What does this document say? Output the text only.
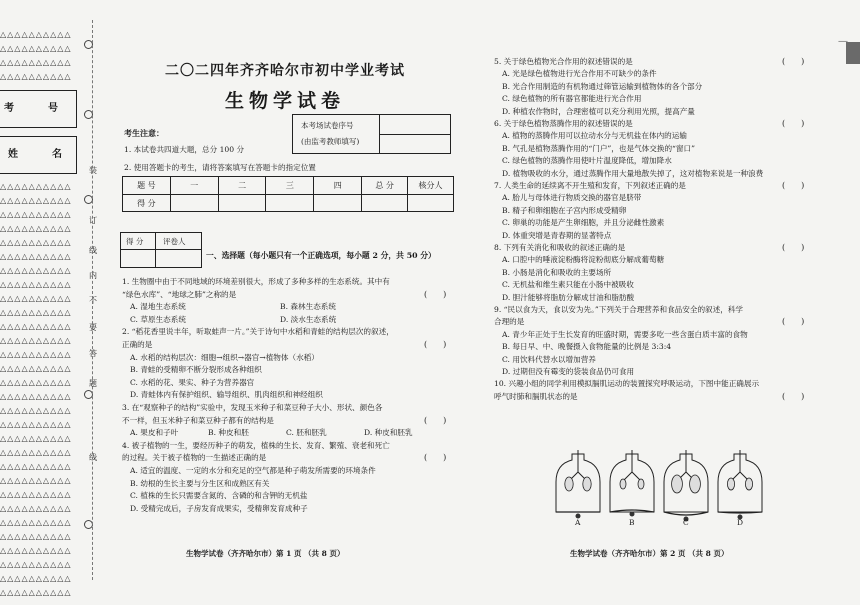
△△△△△△△△△△
△△△△△△△△△△
△△△△△△△△△△
△△△△△△△△△△
△△△△△△△△△△
△△△△△△△△△△
△△△△△△△△△△
△△△△△△△△△△
△△△△△△△△△△
△△△△△△△△△△
△△△△△△△△△△
△△△△△△△△△△
△△△△△△△△△△
△△△△△△△△△△
△△△△△△△△△△
△△△△△△△△△△
△△△△△△△△△△
△△△△△△△△△△
△△△△△△△△△△
△△△△△△△△△△
△△△△△△△△△△
△△△△△△△△△△
△△△△△△△△△△
△△△△△△△△△△
△△△△△△△△△△
△△△△△△△△△△
△△△△△△△△△△
△△△△△△△△△△
△△△△△△△△△△
△△△△△△△△△△
△△△△△△△△△△
△△△△△△△△△△
△△△△△△△△△△
△△△△△△△△△△
装
订
线
内
不
要
答
题
线
考	号
姓	名
—
二〇二四年齐齐哈尔市初中学业考试
生物学试卷
本考场试卷序号
(由监考教师填写)
考生注意：
1. 本试卷共四道大题，总分 100 分
2. 使用答题卡的考生，请将答案填写在答题卡的指定位置
题 号	一	二	三	四	总 分	核分人
得 分						
得 分	评卷人
一、选择题（每小题只有一个正确选项，每小题 2 分，共 50 分）
1. 生物圈中由于不同地域的环境差别很大，形成了多种多样的生态系统。其中有
“绿色水库”、“地球之肺”之称的是	(　　)
A. 湿地生态系统	B. 森林生态系统
C. 草原生态系统	D. 淡水生态系统
2. “稻花香里说丰年，听取蛙声一片。”关于诗句中水稻和青蛙的结构层次的叙述，
正确的是	(　　)
A. 水稻的结构层次：细胞→组织→器官→植物体（水稻）
B. 青蛙的受精卵不断分裂形成各种组织
C. 水稻的花、果实、种子为营养器官
D. 青蛙体内有保护组织、输导组织、肌肉组织和神经组织
3. 在“观察种子的结构”实验中，发现玉米种子和菜豆种子大小、形状、颜色各
不一样，但玉米种子和菜豆种子都有的结构是	(　　)
A. 果皮和子叶	B. 种皮和胚	C. 胚和胚乳	D. 种皮和胚乳
4. 被子植物的一生，要经历种子的萌发，植株的生长、发育、繁殖、衰老和死亡
的过程。关于被子植物的一生描述正确的是	(　　)
A. 适宜的温度、一定的水分和充足的空气都是种子萌发所需要的环境条件
B. 幼根的生长主要与分生区和成熟区有关
C. 植株的生长只需要含氮的、含磷的和含钾的无机盐
D. 受精完成后，子房发育成果实，受精卵发育成种子
5. 关于绿色植物光合作用的叙述错误的是	(　　)
A. 光是绿色植物进行光合作用不可缺少的条件
B. 光合作用制造的有机物通过筛管运输到植物体的各个部分
C. 绿色植物的所有器官都能进行光合作用
D. 种植农作物时，合理密植可以充分利用光照，提高产量
6. 关于绿色植物蒸腾作用的叙述错误的是	(　　)
A. 植物的蒸腾作用可以拉动水分与无机盐在体内的运输
B. 气孔是植物蒸腾作用的“门户”，也是气体交换的“窗口”
C. 绿色植物的蒸腾作用使叶片温度降低，增加降水
D. 植物吸收的水分，通过蒸腾作用大量地散失掉了，这对植物来说是一种浪费
7. 人类生命的延续离不开生殖和发育，下列叙述正确的是	(　　)
A. 胎儿与母体进行物质交换的器官是脐带
B. 精子和卵细胞在子宫内形成受精卵
C. 卵巢的功能是产生卵细胞，并且分泌雌性激素
D. 体重突增是青春期的显著特点
8. 下列有关消化和吸收的叙述正确的是	(　　)
A. 口腔中的唾液淀粉酶将淀粉彻底分解成葡萄糖
B. 小肠是消化和吸收的主要场所
C. 无机盐和维生素只能在小肠中被吸收
D. 胆汁能够将脂肪分解成甘油和脂肪酸
9. “民以食为天，食以安为先。”下列关于合理营养和食品安全的叙述，科学
合理的是	(　　)
A. 青少年正处于生长发育的旺盛时期，需要多吃一些含蛋白质丰富的食物
B. 每日早、中、晚餐摄入食物能量的比例是 3:3:4
C. 用饮料代替水以增加营养
D. 过期但没有霉变的袋装食品仍可食用
10. 兴趣小组的同学利用模拟膈肌运动的装置探究呼吸运动，下图中能正确展示
呼气时肺和膈肌状态的是	(　　)
A	B	C	D
生物学试卷（齐齐哈尔市）第 1 页 （共 8 页）	生物学试卷（齐齐哈尔市）第 2 页 （共 8 页）
